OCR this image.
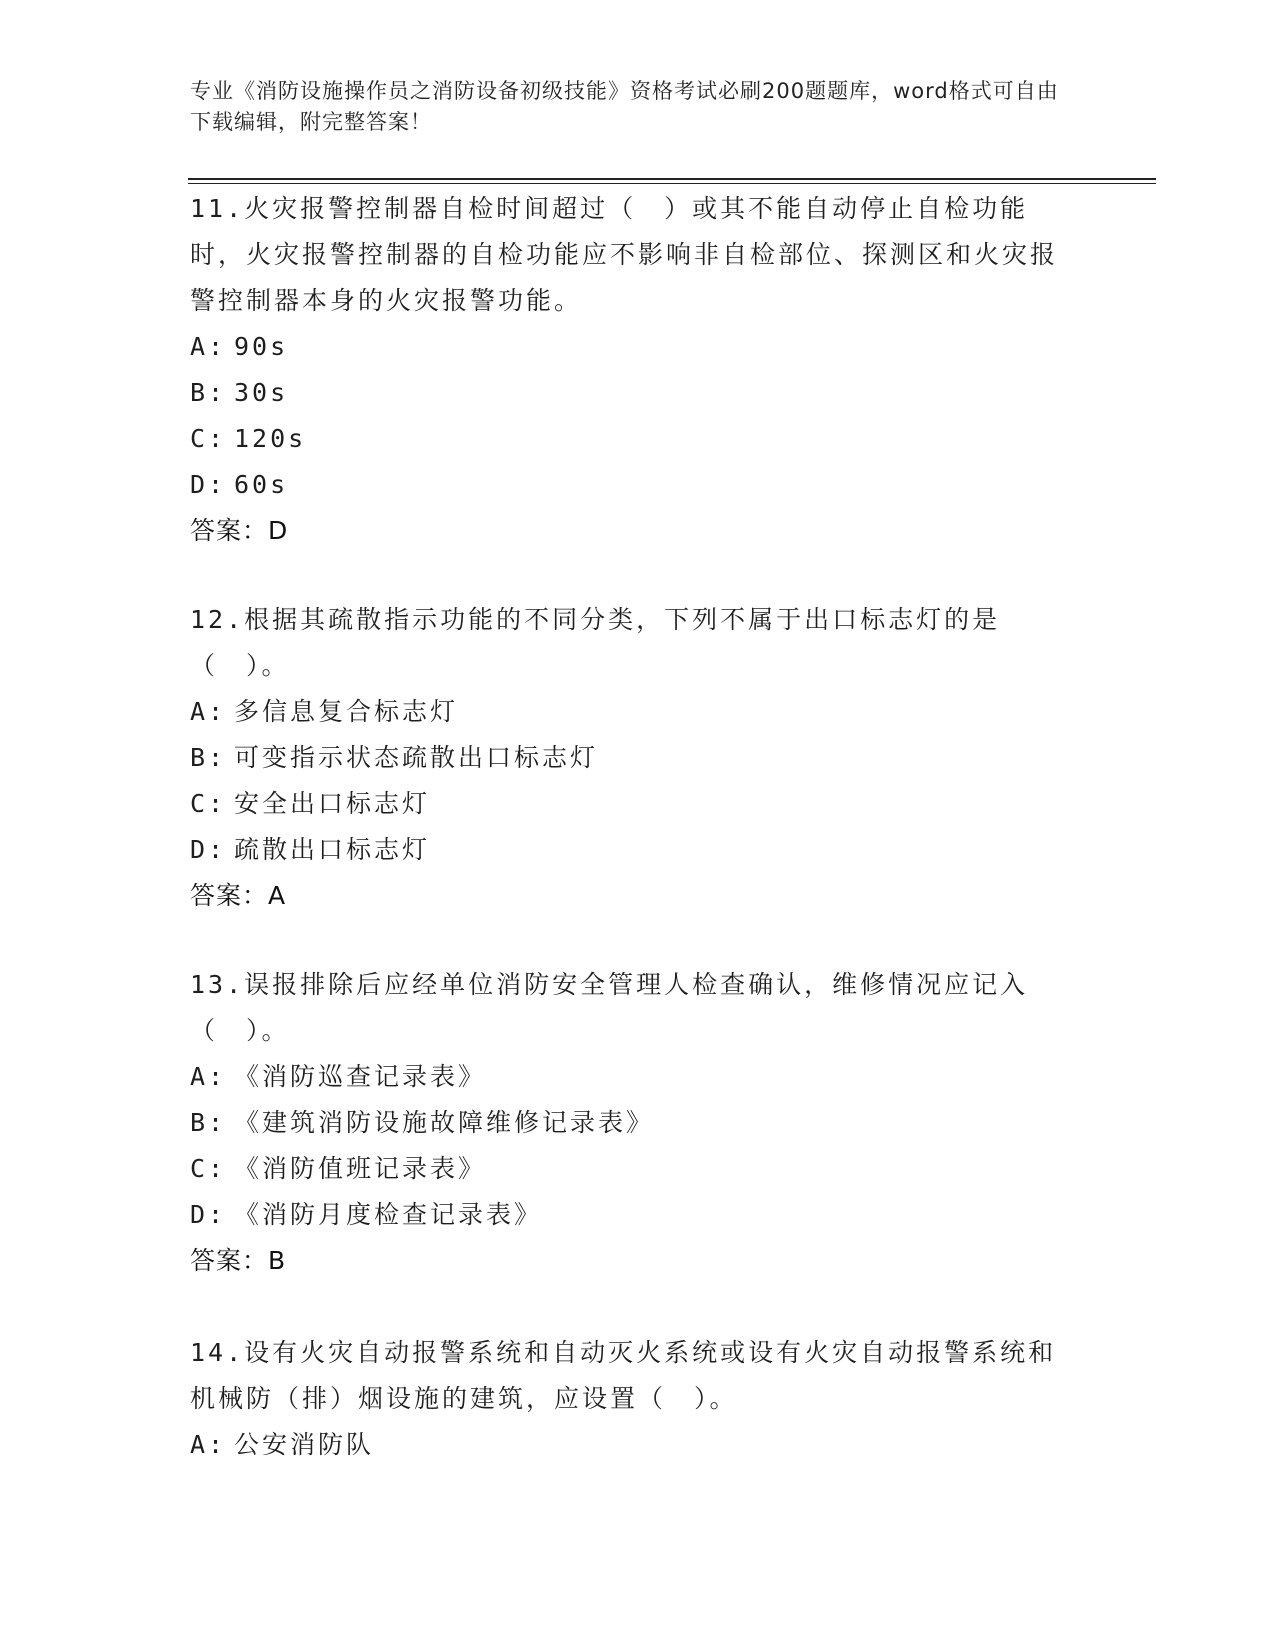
专业《消防设施操作员之消防设备初级技能》资格考试必刷200题题库，word格式可自由下载编辑，附完整答案！

11.火灾报警控制器自检时间超过（　）或其不能自动停止自检功能时，火灾报警控制器的自检功能应不影响非自检部位、探测区和火灾报警控制器本身的火灾报警功能。

A: 90s

B: 30s

C: 120s

D: 60s

答案：D

12.根据其疏散指示功能的不同分类，下列不属于出口标志灯的是（　）。

A: 多信息复合标志灯

B: 可变指示状态疏散出口标志灯

C: 安全出口标志灯

D: 疏散出口标志灯

答案：A

13.误报排除后应经单位消防安全管理人检查确认，维修情况应记入（　）。

A: 《消防巡查记录表》

B: 《建筑消防设施故障维修记录表》

C: 《消防值班记录表》

D: 《消防月度检查记录表》

答案：B

14.设有火灾自动报警系统和自动灭火系统或设有火灾自动报警系统和机械防（排）烟设施的建筑，应设置（　）。

A: 公安消防队
